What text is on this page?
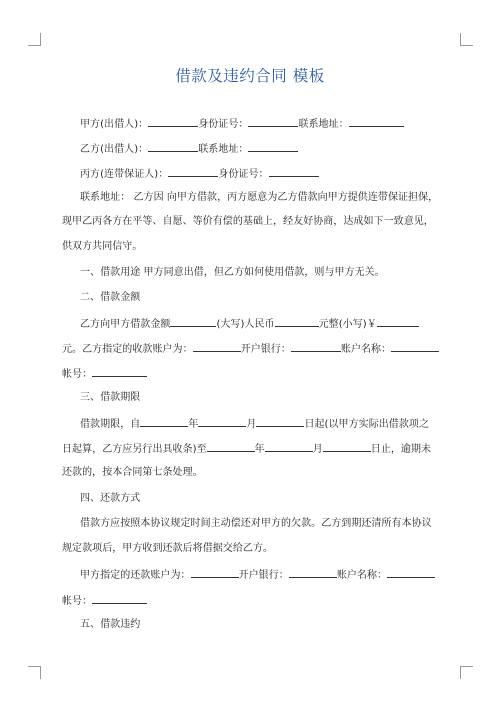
借款及违约合同 模板
甲方(出借人)：	身份证号：	联系地址：
乙方(出借人)：	联系地址：
丙方(连带保证人)：	身份证号：
联系地址： 乙方因 向甲方借款，丙方愿意为乙方借款向甲方提供连带保证担保，
现甲乙丙各方在平等、自愿、等价有偿的基础上，经友好协商，达成如下一致意见，
供双方共同信守。
一、借款用途 甲方同意出借，但乙方如何使用借款，则与甲方无关。
二、借款金额
乙方向甲方借款金额	(大写)人民币	元整(小写)￥
元。乙方指定的收款账户为：	开户银行：	账户名称：
帐号：
三、借款期限
借款期限，自	年	月	日起(以甲方实际出借款项之
日起算，乙方应另行出具收条)至	年	月	日止，逾期未
还款的，按本合同第七条处理。
四、还款方式
借款方应按照本协议规定时间主动偿还对甲方的欠款。乙方到期还清所有本协议
规定款项后，甲方收到还款后将借据交给乙方。
甲方指定的还款账户为：	开户银行：	账户名称：
帐号：
五、借款违约
